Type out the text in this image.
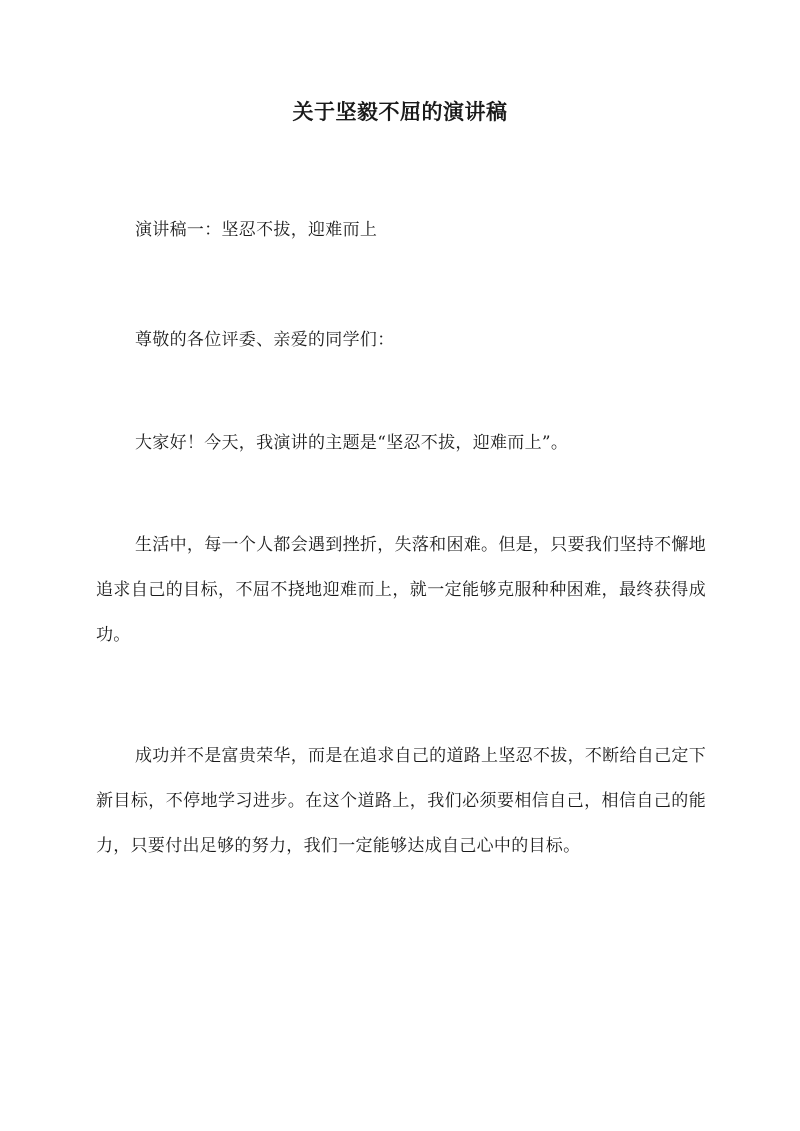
关于坚毅不屈的演讲稿

演讲稿一：坚忍不拔，迎难而上

尊敬的各位评委、亲爱的同学们：

大家好！今天，我演讲的主题是“坚忍不拔，迎难而上”。

生活中，每一个人都会遇到挫折，失落和困难。但是，只要我们坚持不懈地追求自己的目标，不屈不挠地迎难而上，就一定能够克服种种困难，最终获得成功。

成功并不是富贵荣华，而是在追求自己的道路上坚忍不拔，不断给自己定下新目标，不停地学习进步。在这个道路上，我们必须要相信自己，相信自己的能力，只要付出足够的努力，我们一定能够达成自己心中的目标。
